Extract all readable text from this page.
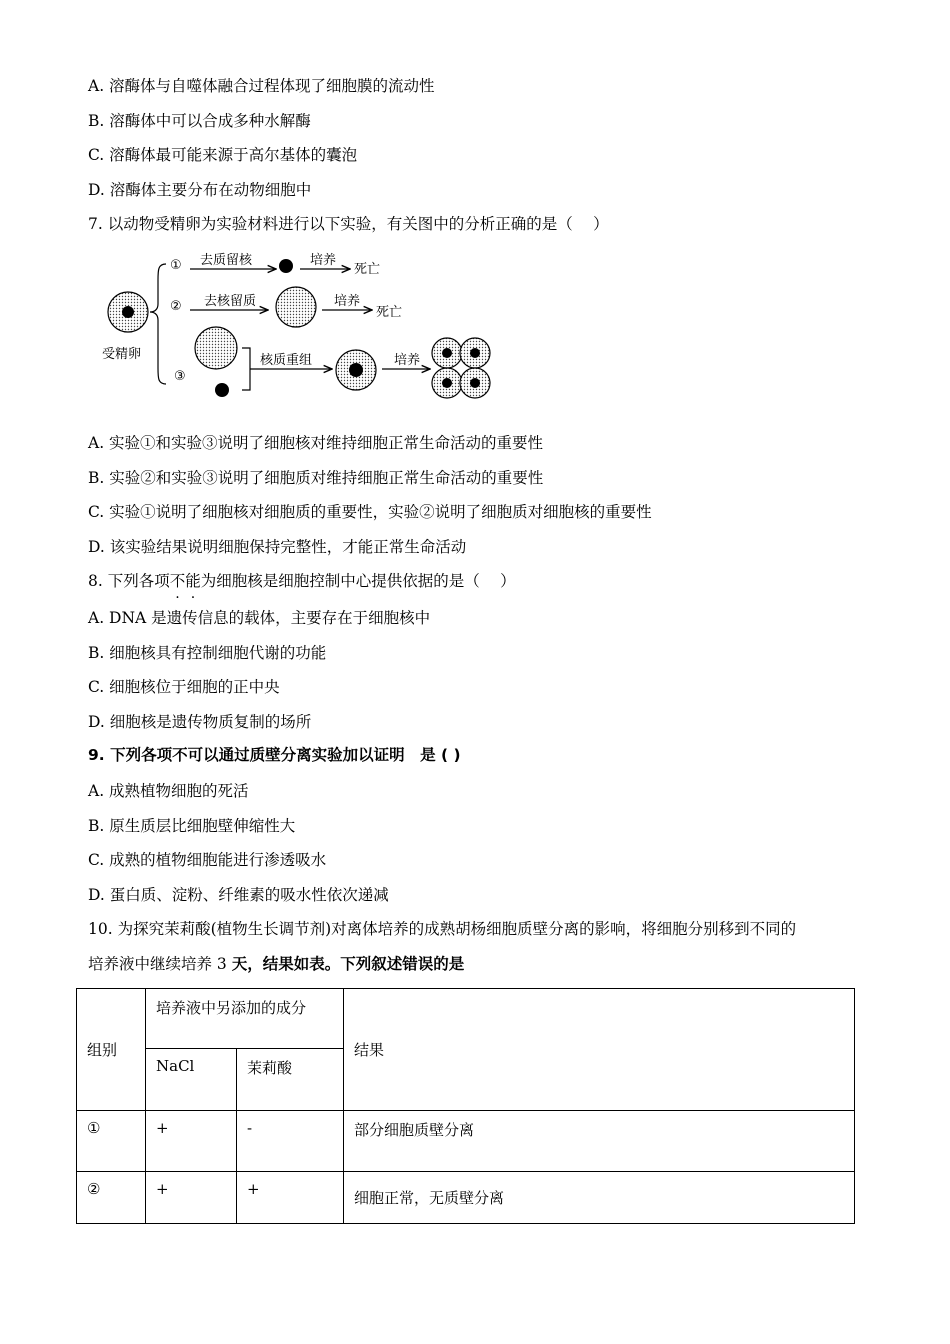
A. 溶酶体与自噬体融合过程体现了细胞膜的流动性
B. 溶酶体中可以合成多种水解酶
C. 溶酶体最可能来源于高尔基体的囊泡
D. 溶酶体主要分布在动物细胞中
7. 以动物受精卵为实验材料进行以下实验，有关图中的分析正确的是（　 ）
受精卵
① 去质留核	培养
死亡
② 去核留质	培养
死亡
③
核质重组	培养
A. 实验①和实验③说明了细胞核对维持细胞正常生命活动的重要性
B. 实验②和实验③说明了细胞质对维持细胞正常生命活动的重要性
C. 实验①说明了细胞核对细胞质的重要性，实验②说明了细胞质对细胞核的重要性
D. 该实验结果说明细胞保持完整性，才能正常生命活动
8. 下列各项不能为细胞核是细胞控制中心提供依据的是（　 ）
A. DNA 是遗传信息的载体，主要存在于细胞核中
B. 细胞核具有控制细胞代谢的功能
C. 细胞核位于细胞的正中央
D. 细胞核是遗传物质复制的场所
9. 下列各项不可以通过质壁分离实验加以证明　是 ( )
A. 成熟植物细胞的死活
B. 原生质层比细胞壁伸缩性大
C. 成熟的植物细胞能进行渗透吸水
D. 蛋白质、淀粉、纤维素的吸水性依次递减
10. 为探究茉莉酸(植物生长调节剂)对离体培养的成熟胡杨细胞质壁分离的影响，将细胞分别移到不同的
培养液中继续培养 3 天，结果如表。下列叙述错误的是
组别	培养液中另添加的成分		结果
	NaCl	茉莉酸	
①	+	-	部分细胞质壁分离
②	+	+	细胞正常，无质壁分离
